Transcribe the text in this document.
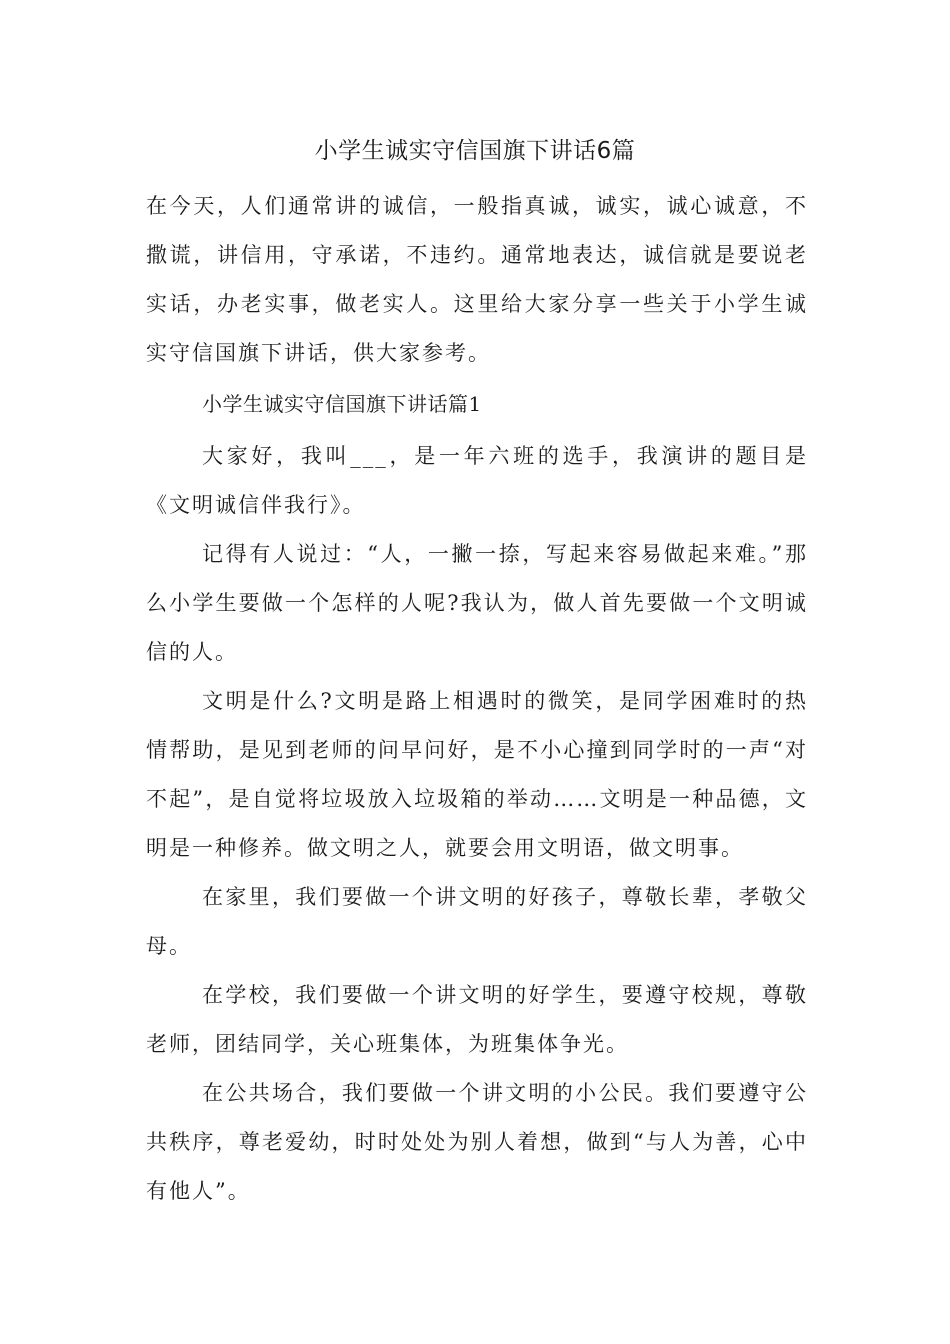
小学生诚实守信国旗下讲话6篇

在今天，人们通常讲的诚信，一般指真诚，诚实，诚心诚意，不撒谎，讲信用，守承诺，不违约。通常地表达，诚信就是要说老实话，办老实事，做老实人。这里给大家分享一些关于小学生诚实守信国旗下讲话，供大家参考。

小学生诚实守信国旗下讲话篇1

大家好，我叫___，是一年六班的选手，我演讲的题目是《文明诚信伴我行》。

记得有人说过：“人，一撇一捺，写起来容易做起来难。”那么小学生要做一个怎样的人呢?我认为，做人首先要做一个文明诚信的人。

文明是什么?文明是路上相遇时的微笑，是同学困难时的热情帮助，是见到老师的问早问好，是不小心撞到同学时的一声“对不起”，是自觉将垃圾放入垃圾箱的举动……文明是一种品德，文明是一种修养。做文明之人，就要会用文明语，做文明事。

在家里，我们要做一个讲文明的好孩子，尊敬长辈，孝敬父母。

在学校，我们要做一个讲文明的好学生，要遵守校规，尊敬老师，团结同学，关心班集体，为班集体争光。

在公共场合，我们要做一个讲文明的小公民。我们要遵守公共秩序，尊老爱幼，时时处处为别人着想，做到“与人为善，心中有他人”。
